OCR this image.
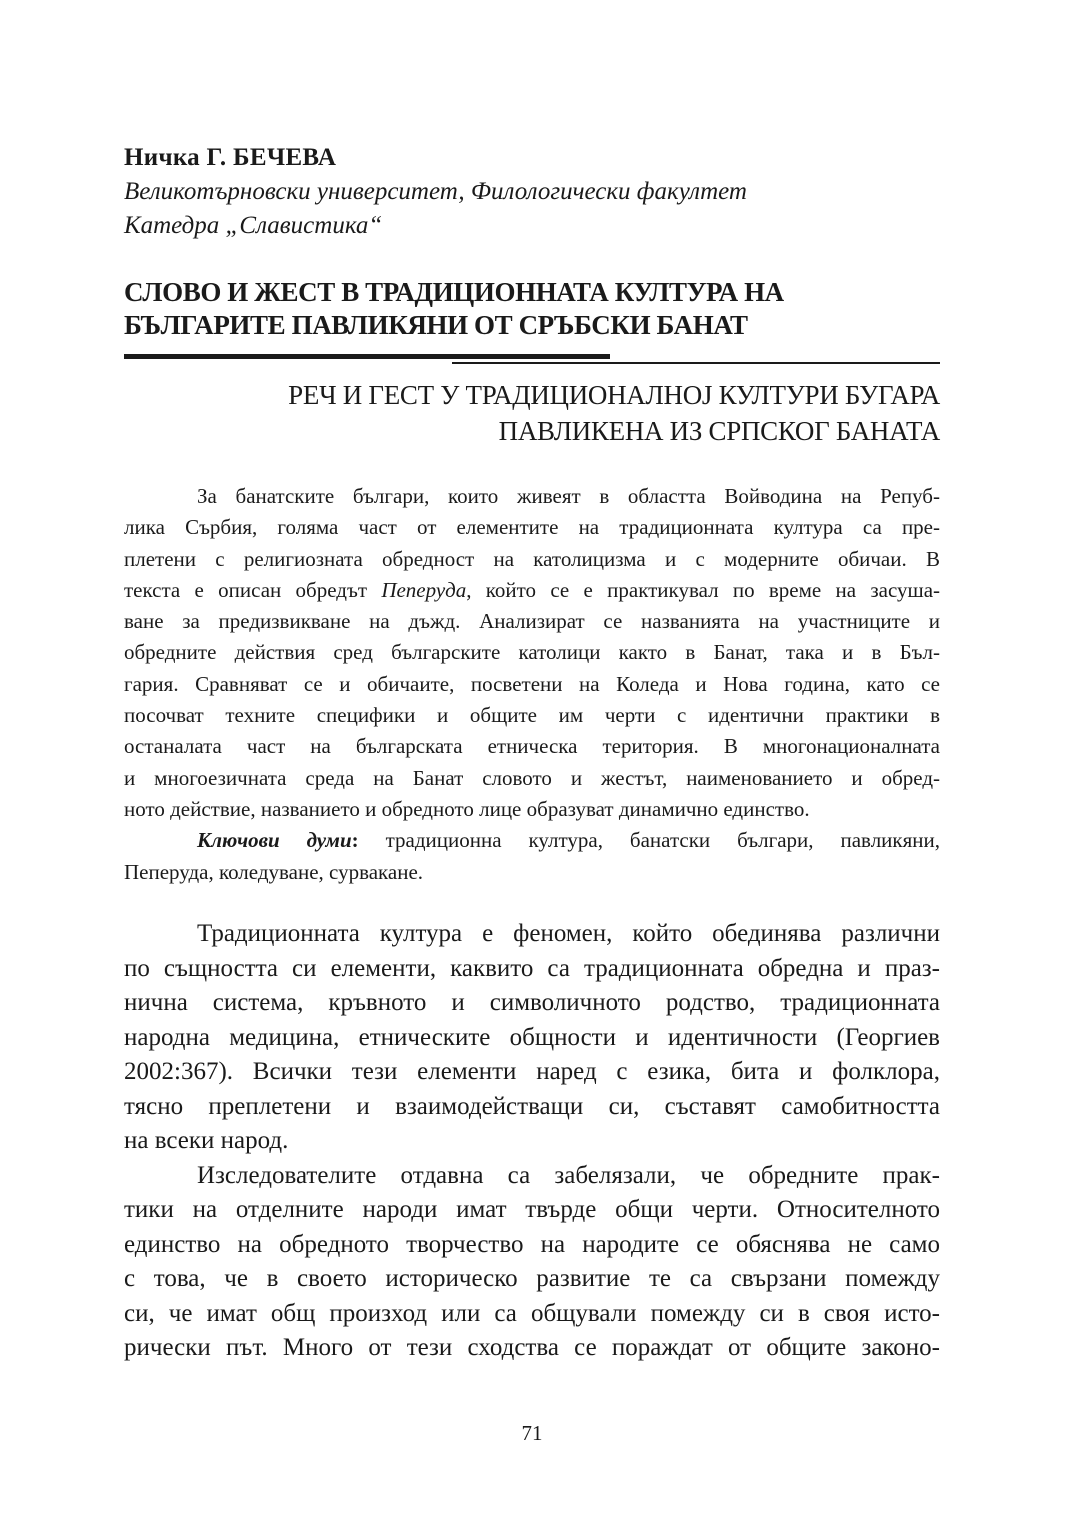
Ничка Г. БЕЧЕВА
Великотърновски университет, Филологически факултет
Катедра „Славистика“
СЛОВО И ЖЕСТ В ТРАДИЦИОННАТА КУЛТУРА НА
БЪЛГАРИТЕ ПАВЛИКЯНИ ОТ СРЪБСКИ БАНАТ
РЕЧ И ГЕСТ У ТРАДИЦИОНАЛНОЈ КУЛТУРИ БУГАРА
ПАВЛИКЕНА ИЗ СРПСКОГ БАНАТА
За банатските българи, които живеят в областта Войводина на Репуб-
лика Сърбия, голяма част от елементите на традиционната култура са пре-
плетени с религиозната обредност на католицизма и с модерните обичаи. В
текста е описан обредът Пеперуда, който се е практикувал по време на засуша-
ване за предизвикване на дъжд. Анализират се названията на участниците и
обредните действия сред българските католици както в Банат, така и в Бъл-
гария. Сравняват се и обичаите, посветени на Коледа и Нова година, като се
посочват техните специфики и общите им черти с идентични практики в
останалата част на българската етническа територия. В многонационалната
и многоезичната среда на Банат словото и жестът, наименованието и обред-
ното действие, названието и обредното лице образуват динамично единство.
Ключови думи: традиционна култура, банатски българи, павликяни,
Пеперуда, коледуване, сурвакане.
Традиционната култура е феномен, който обединява различни
по същността си елементи, каквито са традиционната обредна и праз-
нична система, кръвното и символичното родство, традиционната
народна медицина, етническите общности и идентичности (Георгиев
2002:367). Всички тези елементи наред с езика, бита и фолклора,
тясно преплетени и взаимодействащи си, съставят самобитността
на всеки народ.
Изследователите отдавна са забелязали, че обредните прак-
тики на отделните народи имат твърде общи черти. Относителното
единство на обредното творчество на народите се обяснява не само
с това, че в своето историческо развитие те са свързани помежду
си, че имат общ произход или са общували помежду си в своя исто-
рически път. Много от тези сходства се пораждат от общите законо-
71
